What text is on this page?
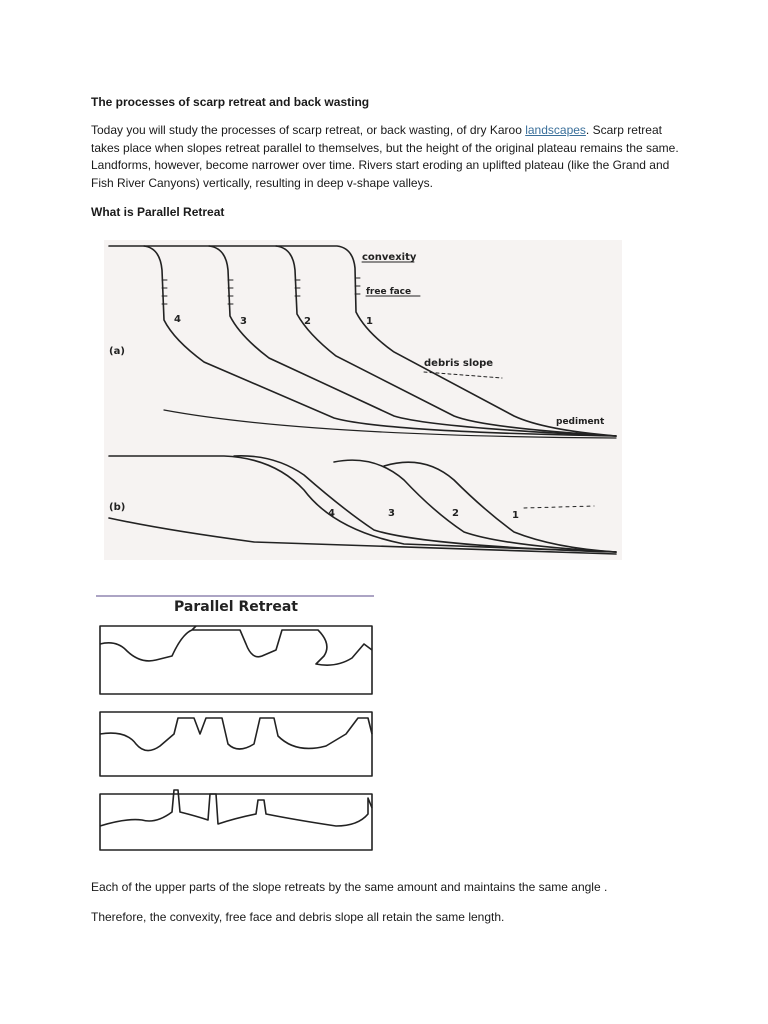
The processes of scarp retreat and back wasting

Today you will study the processes of scarp retreat, or back wasting, of dry Karoo landscapes. Scarp retreat takes place when slopes retreat parallel to themselves, but the height of the original plateau remains the same. Landforms, however, become narrower over time. Rivers start eroding an uplifted plateau (like the Grand and Fish River Canyons) vertically, resulting in deep v-shape valleys.

What is Parallel Retreat

(a)
(b)
convexity
free face
debris slope
pediment
4	3	2	1
4	3	2	1
Parallel Retreat

Each of the upper parts of the slope retreats by the same amount and maintains the same angle .

Therefore, the convexity, free face and debris slope all retain the same length.
